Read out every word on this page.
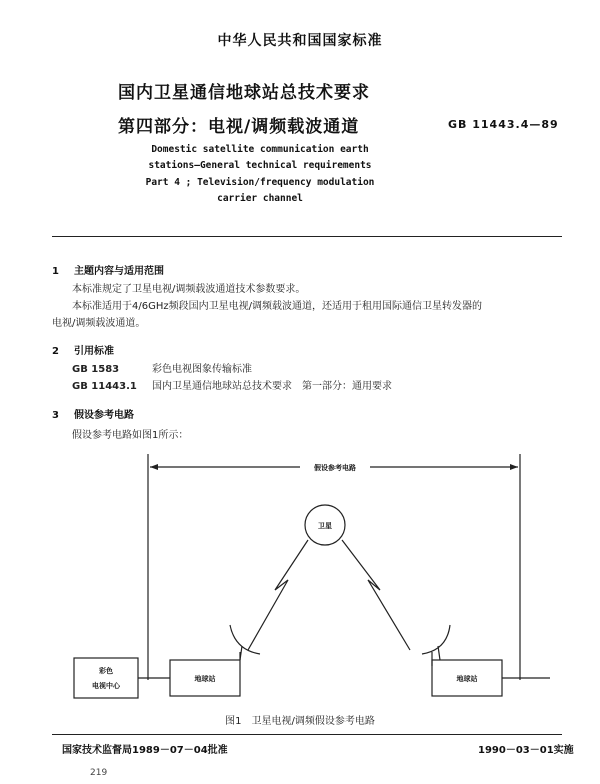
中华人民共和国国家标准
国内卫星通信地球站总技术要求
第四部分：电视/调频载波通道	GB 11443.4—89
Domestic satellite communication earth
stations—General technical requirements
Part 4 ; Television/frequency modulation
carrier channel
1 主题内容与适用范围
本标准规定了卫星电视/调频载波通道技术参数要求。
本标准适用于4/6GHz频段国内卫星电视/调频载波通道，还适用于租用国际通信卫星转发器的
电视/调频载波通道。
2 引用标准
GB 1583	彩色电视图象传输标准
GB 11443.1 国内卫星通信地球站总技术要求　第一部分：通用要求
3 假设参考电路
假设参考电路如图1所示：
假设参考电路
卫星
彩色
电视中心
地球站	地球站
图1　卫星电视/调频假设参考电路
国家技术监督局1989－07－04批准	1990－03－01实施
219
